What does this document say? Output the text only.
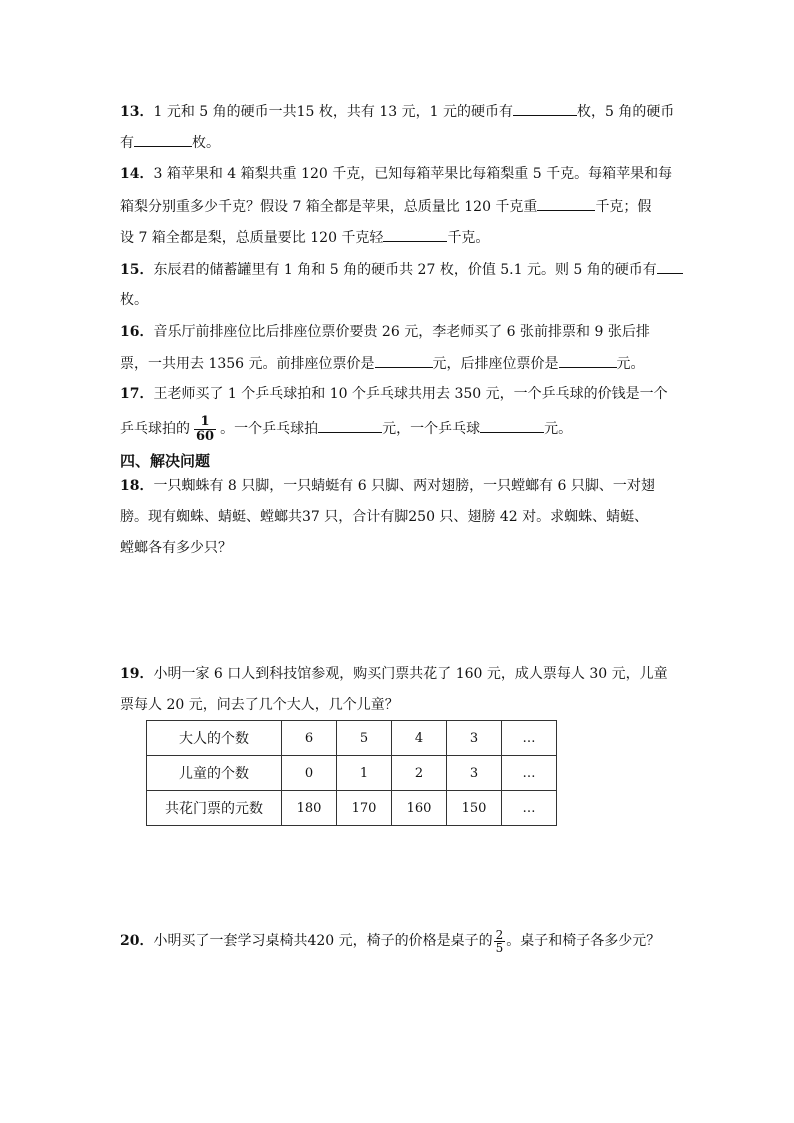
13．1 元和 5 角的硬币一共15 枚，共有 13 元，1 元的硬币有	枚，5 角的硬币
有	枚。
14．3 箱苹果和 4 箱梨共重 120 千克，已知每箱苹果比每箱梨重 5 千克。每箱苹果和每
箱梨分别重多少千克？假设 7 箱全都是苹果，总质量比 120 千克重	千克；假
设 7 箱全都是梨，总质量要比 120 千克轻	千克。
15．东辰君的储蓄罐里有 1 角和 5 角的硬币共 27 枚，价值 5.1 元。则 5 角的硬币有
枚。
16．音乐厅前排座位比后排座位票价要贵 26 元，李老师买了 6 张前排票和 9 张后排
票，一共用去 1356 元。前排座位票价是	元，后排座位票价是	元。
17．王老师买了 1 个乒乓球拍和 10 个乒乓球共用去 350 元，一个乒乓球的价钱是一个
乒乓球拍的 $\frac{1}{60}$ 。一个乒乓球拍	元，一个乒乓球	元。
四、解决问题
18．一只蜘蛛有 8 只脚，一只蜻蜓有 6 只脚、两对翅膀，一只螳螂有 6 只脚、一对翅
膀。现有蜘蛛、蜻蜓、螳螂共37 只，合计有脚250 只、翅膀 42 对。求蜘蛛、蜻蜓、
螳螂各有多少只？
19．小明一家 6 口人到科技馆参观，购买门票共花了 160 元，成人票每人 30 元，儿童
票每人 20 元，问去了几个大人，几个儿童？
大人的个数	6	5	4	3	…
儿童的个数	0	1	2	3	…
共花门票的元数	180	170	160	150	…
20．小明买了一套学习桌椅共420 元，椅子的价格是桌子的 $\frac{2}{5}$ 。桌子和椅子各多少元？
